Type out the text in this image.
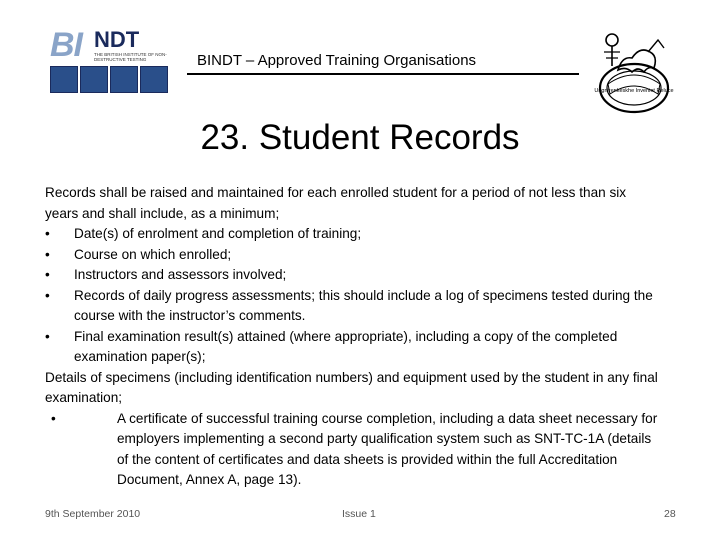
BI NDT
THE BRITISH INSTITUTE OF NON-DESTRUCTIVE TESTING	BINDT – Approved Training Organisations
Ungnirenkeskhe Inveniet Reluce
23. Student Records

Records shall be raised and maintained for each enrolled student for a period of not less than six years and shall include, as a minimum;

•	Date(s) of enrolment and completion of training;
•	Course on which enrolled;
•	Instructors and assessors involved;
•	Records of daily progress assessments; this should include a log of specimens tested during the course with the instructor’s comments.
•	Final examination result(s) attained (where appropriate), including a copy of the completed examination paper(s);

Details of specimens (including identification numbers) and equipment used by the student in any final examination;

•	A certificate of successful training course completion, including a data sheet necessary for employers implementing a second party qualification system such as SNT-TC-1A (details of the content of certificates and data sheets is provided within the full Accreditation Document, Annex A, page 13).
9th September 2010	Issue 1	28
